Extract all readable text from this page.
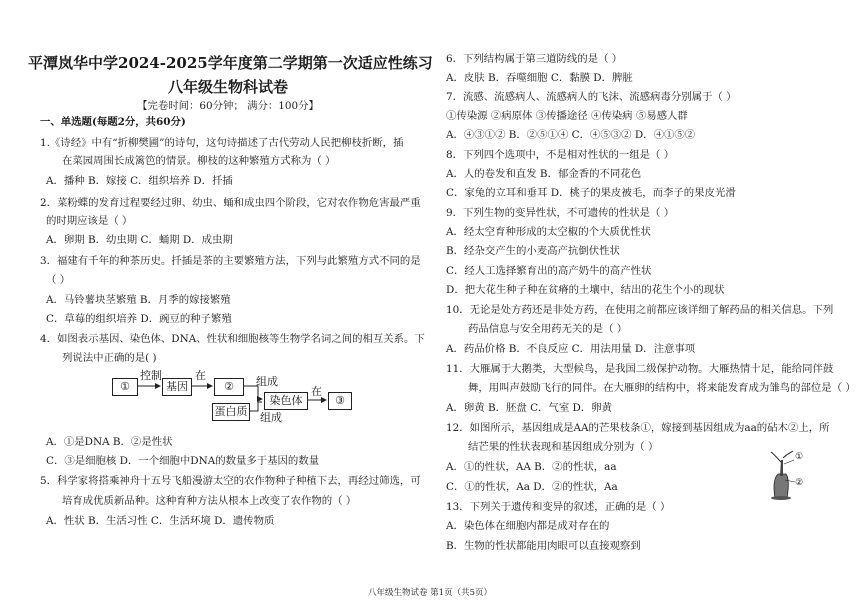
平潭岚华中学2024-2025学年度第二学期第一次适应性练习
八年级生物科试卷
【完卷时间：60分钟； 满分：100分】
一、单选题(每题2分，共60分)
1.《诗经》中有“折柳樊圃”的诗句，这句诗描述了古代劳动人民把柳枝折断，插
在菜园周围长成篱笆的情景。柳枝的这种繁殖方式称为（ ）
A．播种 B．嫁接 C．组织培养 D．扦插
2．菜粉蝶的发育过程要经过卵、幼虫、蛹和成虫四个阶段，它对农作物危害最严重
的时期应该是（ ）
A．卵期 B．幼虫期 C．蛹期 D．成虫期
3．福建有千年的种茶历史。扦插是茶的主要繁殖方法，下列与此繁殖方式不同的是
（ ）
A．马铃薯块茎繁殖 B．月季的嫁接繁殖
C．草莓的组织培养 D．豌豆的种子繁殖
4．如图表示基因、染色体、DNA、性状和细胞核等生物学名词之间的相互关系。下
列说法中正确的是( )
①	基因	②
蛋白质
染色体	③
控制	在	组成
组成
在
A．①是DNA B．②是性状
C．③是细胞核 D．一个细胞中DNA的数量多于基因的数量
5．科学家将搭乘神舟十五号飞船漫游太空的农作物种子种植下去，再经过筛选，可
培育成优质新品种。这种育种方法从根本上改变了农作物的（ ）
A．性状 B．生活习性 C．生活环境 D．遗传物质
6．下列结构属于第三道防线的是（ ）
A．皮肤 B．吞噬细胞 C．黏膜 D．脾脏
7．流感、流感病人、流感病人的飞沫、流感病毒分别属于（ ）
①传染源 ②病原体 ③传播途径 ④传染病 ⑤易感人群
A．④③①② B．②⑤①④ C．④⑤③② D．④①⑤②
8．下列四个选项中，不是相对性状的一组是（ ）
A．人的卷发和直发 B．郁金香的不同花色
C．家兔的立耳和垂耳 D．桃子的果皮被毛，而李子的果皮光滑
9．下列生物的变异性状，不可遗传的性状是（ ）
A．经太空育种形成的太空椒的个大质优性状
B．经杂交产生的小麦高产抗倒伏性状
C．经人工选择繁育出的高产奶牛的高产性状
D．把大花生种子种在贫瘠的土壤中，结出的花生个小的现状
10．无论是处方药还是非处方药，在使用之前都应该详细了解药品的相关信息。下列
药品信息与安全用药无关的是（ ）
A．药品价格 B．不良反应 C．用法用量 D．注意事项
11．大雁属于大鹅类，大型候鸟，是我国二级保护动物。大雁热情十足，能给同伴鼓
舞，用叫声鼓励飞行的同伴。在大雁卵的结构中，将来能发育成为雏鸟的部位是（ ）
A．卵黄 B．胚盘 C．气室 D．卵黄
12．如图所示，基因组成是AA的芒果枝条①，嫁接到基因组成为aa的砧木②上，所
结芒果的性状表现和基因组成分别为（ ）
A．①的性状，AA B．②的性状，aa
C．①的性状，Aa D．②的性状，Aa
13．下列关于遗传和变异的叙述，正确的是（ ）
A．染色体在细胞内都是成对存在的
B．生物的性状都能用肉眼可以直接观察到
①
②
八年级生物试卷 第1页（共5页）
